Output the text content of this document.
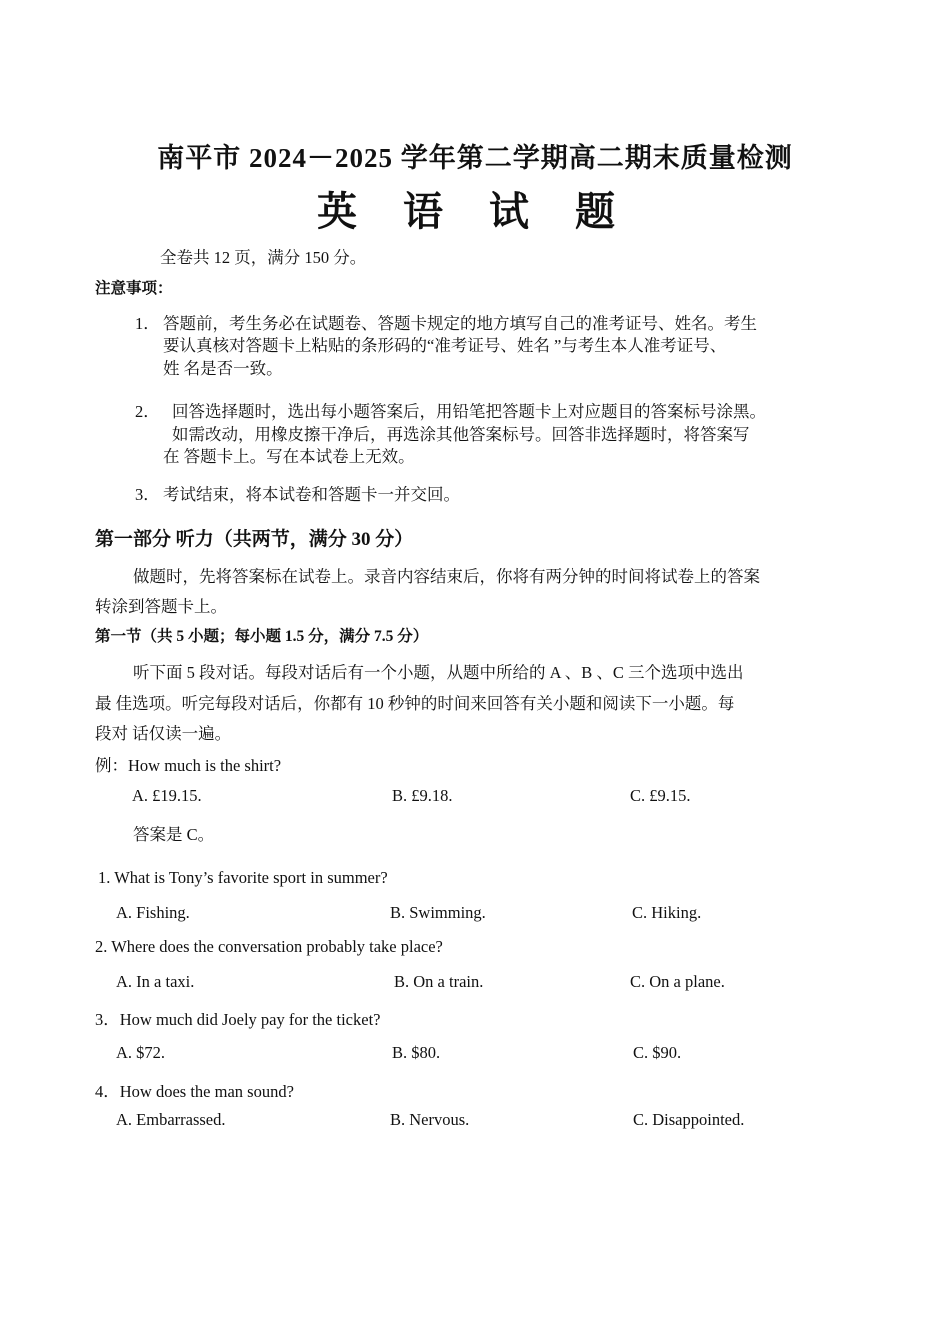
南平市 2024－2025 学年第二学期高二期末质量检测
英 语 试 题
全卷共 12 页，满分 150 分。
注意事项：
1． 答题前，考生务必在试题卷、答题卡规定的地方填写自己的准考证号、姓名。考生
要认真核对答题卡上粘贴的条形码的“准考证号、姓名 ”与考生本人准考证号、
姓 名是否一致。
2． 回答选择题时，选出每小题答案后，用铅笔把答题卡上对应题目的答案标号涂黑。
如需改动，用橡皮擦干净后，再选涂其他答案标号。回答非选择题时，将答案写
在 答题卡上。写在本试卷上无效。
3． 考试结束，将本试卷和答题卡一并交回。
第一部分 听力（共两节，满分 30 分）
做题时，先将答案标在试卷上。录音内容结束后，你将有两分钟的时间将试卷上的答案
转涂到答题卡上。
第一节（共 5 小题；每小题 1.5 分，满分 7.5 分）
听下面 5 段对话。每段对话后有一个小题，从题中所给的 A 、B 、C 三个选项中选出
最 佳选项。听完每段对话后，你都有 10 秒钟的时间来回答有关小题和阅读下一小题。每
段对 话仅读一遍。
例：How much is the shirt?
A. £19.15.	B. £9.18.	C. £9.15.
答案是 C。
1. What is Tony’s favorite sport in summer?
A. Fishing.	B. Swimming.	C. Hiking.
2. Where does the conversation probably take place?
A. In a taxi.	B. On a train.	C. On a plane.
3．How much did Joely pay for the ticket?
A. $72.	B. $80.	C. $90.
4．How does the man sound?
A. Embarrassed.	B. Nervous.	C. Disappointed.
